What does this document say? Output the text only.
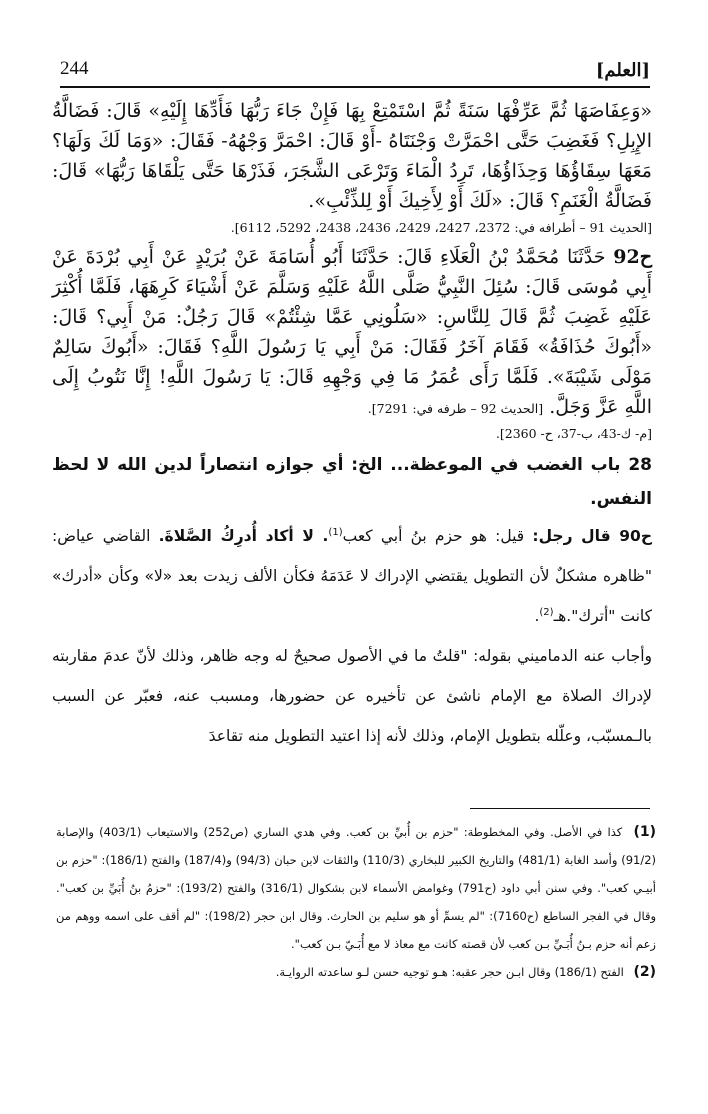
244	[العلم]

«وَعِفَاصَهَا ثُمَّ عَرِّفْهَا سَنَةً ثُمَّ اسْتَمْتِعْ بِهَا فَإِنْ جَاءَ رَبُّهَا فَأَدِّهَا إِلَيْهِ» قَالَ: فَضَالَّةُ الإِبِلِ؟ فَغَضِبَ حَتَّى احْمَرَّتْ وَجْنَتَاهُ -أَوْ قَالَ: احْمَرَّ وَجْهُهُ- فَقَالَ: «وَمَا لَكَ وَلَهَا؟ مَعَهَا سِقَاؤُهَا وَحِذَاؤُهَا، تَرِدُ الْمَاءَ وَتَرْعَى الشَّجَرَ، فَذَرْهَا حَتَّى يَلْقَاهَا رَبُّهَا» قَالَ: فَضَالَّةُ الْغَنَمِ؟ قَالَ: «لَكَ أَوْ لِأَخِيكَ أَوْ لِلذِّئْبِ».

[الحديث 91 – أطرافه في: 2372، 2427، 2429، 2436، 2438، 5292، 6112].

ح92 حَدَّثَنَا مُحَمَّدُ بْنُ الْعَلَاءِ قَالَ: حَدَّثَنَا أَبُو أُسَامَةَ عَنْ بُرَيْدٍ عَنْ أَبِي بُرْدَةَ عَنْ أَبِي مُوسَى قَالَ: سُئِلَ النَّبِيُّ صَلَّى اللَّهُ عَلَيْهِ وَسَلَّمَ عَنْ أَشْيَاءَ كَرِهَهَا، فَلَمَّا أُكْثِرَ عَلَيْهِ غَضِبَ ثُمَّ قَالَ لِلنَّاسِ: «سَلُونِي عَمَّا شِئْتُمْ» قَالَ رَجُلٌ: مَنْ أَبِي؟ قَالَ: «أَبُوكَ حُذَافَةُ» فَقَامَ آخَرُ فَقَالَ: مَنْ أَبِي يَا رَسُولَ اللَّهِ؟ فَقَالَ: «أَبُوكَ سَالِمٌ مَوْلَى شَيْبَةَ». فَلَمَّا رَأَى عُمَرُ مَا فِي وَجْهِهِ قَالَ: يَا رَسُولَ اللَّهِ! إِنَّا نَتُوبُ إِلَى اللَّهِ عَزَّ وَجَلَّ. [الحديث 92 – طرفه في: 7291].

[م- ك-43، ب-37، ح- 2360].

28 باب الغضب في الموعظة... الخ: أي جوازه انتصاراً لدين الله لا لحظ النفس.

ح90 قال رجل: قيل: هو حزم بنُ أبي كعب$^{(1)}$. لا أكاد أُدرِكُ الصَّلاةَ. القاضي عياض: "ظاهره مشكلٌ لأن التطويل يقتضي الإدراك لا عَدَمَهُ فكأن الألف زيدت بعد «لا» وكأن «أدرك» كانت "أترك".هـ$^{(2)}$.

وأجاب عنه الدماميني بقوله: "قلتُ ما في الأصول صحيحٌ له وجه ظاهر، وذلك لأنّ عدمَ مقاربته لإدراك الصلاة مع الإمام ناشئ عن تأخيره عن حضورها، ومسبب عنه، فعبّر عن السبب بالـمسبّب، وعلّله بتطويل الإمام، وذلك لأنه إذا اعتيد التطويل منه تقاعدَ

(1) كذا في الأصل. وفي المخطوطة: "حزم بن أُبيِّ بن كعب. وفي هدي الساري (ص252) والاستيعاب (403/1) والإصابة (91/2) وأسد الغابة (481/1) والتاريخ الكبير للبخاري (110/3) والثقات لابن حبان (94/3) و(187/4) والفتح (186/1): "حزم بن أبيـي كعب". وفي سنن أبي داود (ح791) وغوامض الأسماء لابن بشكوال (316/1) والفتح (193/2): "حزمُ بنُ أُبَيِّ بن كعب". وقال في الفجر الساطع (ح7160): "لم يسمِّ أو هو سليم بن الحارث. وقال ابن حجر (198/2): "لم أقف على اسمه ووهم من زعم أنه حزم بـنُ أُبَـيِّ بـن كعب لأن قصته كانت مع معاذ لا مع أُبَـيّ بـن كعب".

(2) الفتح (186/1) وقال ابـن حجر عقبه: هـو توجيه حسن لـو ساعدته الروايـة.
